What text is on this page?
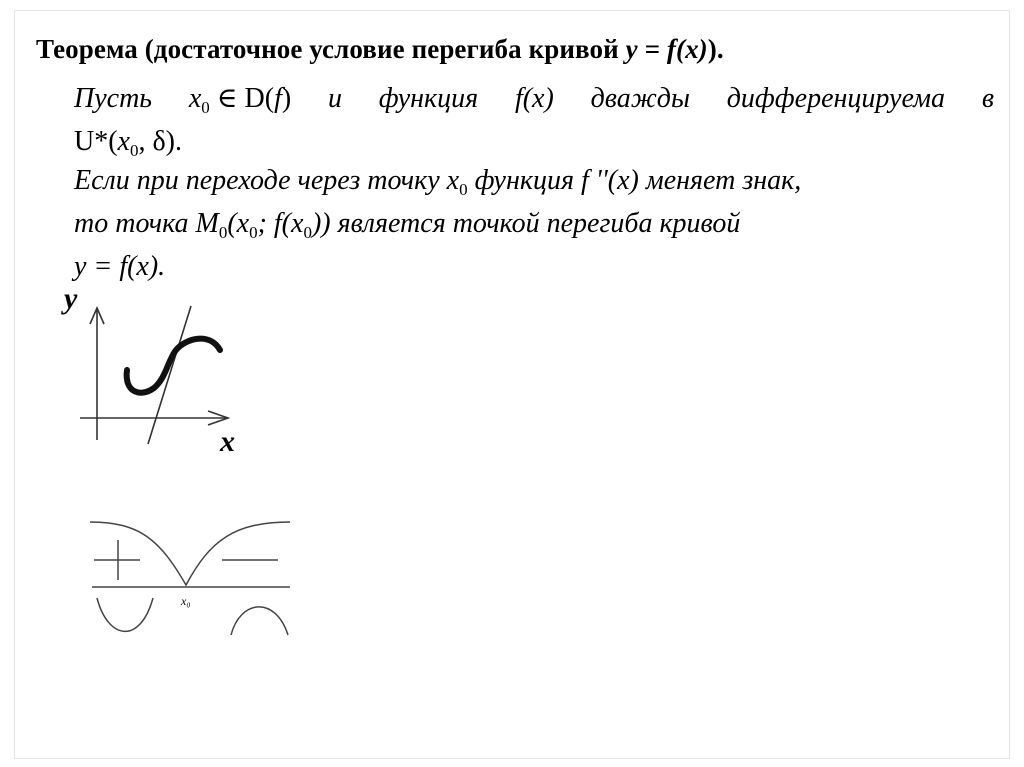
Теорема (достаточное условие перегиба кривой y = f(x)).
Пусть $x_0$ ∈ D(f) и функция f(x) дважды дифференцируема в
$U*(x_0$, δ).
Если при переходе через точку $x_0$ функция f ''(x) меняет знак,
то точка $M_0(x_0$; $f(x_0)$) является точкой перегиба кривой
y = f(x).
y
x
x₀
